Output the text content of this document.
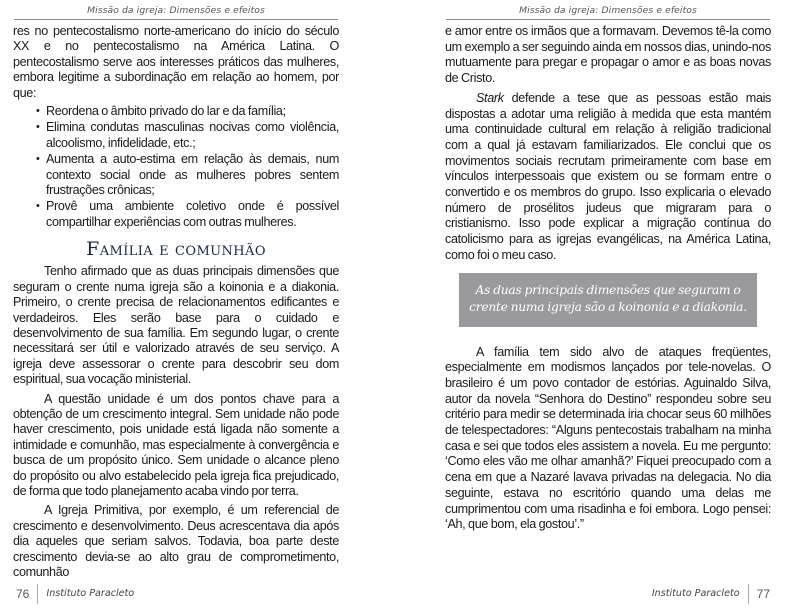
Missão da igreja: Dimensões e efeitos

res no pentecostalismo norte-americano do início do século XX e no pentecostalismo na América Latina. O pentecostalismo serve aos interesses práticos das mulheres, embora legitime a subordinação em relação ao homem, por que:

• Reordena o âmbito privado do lar e da família;
• Elimina condutas masculinas nocivas como violência, alcoolismo, infidelidade, etc.;
• Aumenta a auto-estima em relação às demais, num contexto social onde as mulheres pobres sentem frustrações crônicas;
• Provê uma ambiente coletivo onde é possível compartilhar experiências com outras mulheres.
Família e comunhão

Tenho afirmado que as duas principais dimensões que seguram o crente numa igreja são a koinonia e a diakonia. Primeiro, o crente precisa de relacionamentos edificantes e verdadeiros. Eles serão base para o cuidado e desenvolvimento de sua família. Em segundo lugar, o crente necessitará ser útil e valorizado através de seu serviço. A igreja deve assessorar o crente para descobrir seu dom espiritual, sua vocação ministerial.

A questão unidade é um dos pontos chave para a obtenção de um crescimento integral. Sem unidade não pode haver crescimento, pois unidade está ligada não somente a intimidade e comunhão, mas especialmente à convergência e busca de um propósito único. Sem unidade o alcance pleno do propósito ou alvo estabelecido pela igreja fica prejudicado, de forma que todo planejamento acaba vindo por terra.

A Igreja Primitiva, por exemplo, é um referencial de crescimento e desenvolvimento. Deus acrescentava dia após dia aqueles que seriam salvos. Todavia, boa parte deste crescimento devia-se ao alto grau de comprometimento, comunhão

76 Instituto Paracleto
Missão da igreja: Dimensões e efeitos

e amor entre os irmãos que a formavam. Devemos tê-la como um exemplo a ser seguindo ainda em nossos dias, unindo-nos mutuamente para pregar e propagar o amor e as boas novas de Cristo.

Stark defende a tese que as pessoas estão mais dispostas a adotar uma religião à medida que esta mantém uma continuidade cultural em relação à religião tradicional com a qual já estavam familiarizados. Ele conclui que os movimentos sociais recrutam primeiramente com base em vínculos interpessoais que existem ou se formam entre o convertido e os membros do grupo. Isso explicaria o elevado número de prosélitos judeus que migraram para o cristianismo. Isso pode explicar a migração contínua do catolicismo para as igrejas evangélicas, na América Latina, como foi o meu caso.

As duas principais dimensões que seguram o crente numa igreja são a koinonia e a diakonia.

A família tem sido alvo de ataques freqüentes, especialmente em modismos lançados por tele-novelas. O brasileiro é um povo contador de estórias. Aguinaldo Silva, autor da novela “Senhora do Destino” respondeu sobre seu critério para medir se determinada iria chocar seus 60 milhões de telespectadores: “Alguns pentecostais trabalham na minha casa e sei que todos eles assistem a novela. Eu me pergunto: ‘Como eles vão me olhar amanhã?’ Fiquei preocupado com a cena em que a Nazaré lavava privadas na delegacia. No dia seguinte, estava no escritório quando uma delas me cumprimentou com uma risadinha e foi embora. Logo pensei: ‘Ah, que bom, ela gostou’.”

Instituto Paracleto 77
